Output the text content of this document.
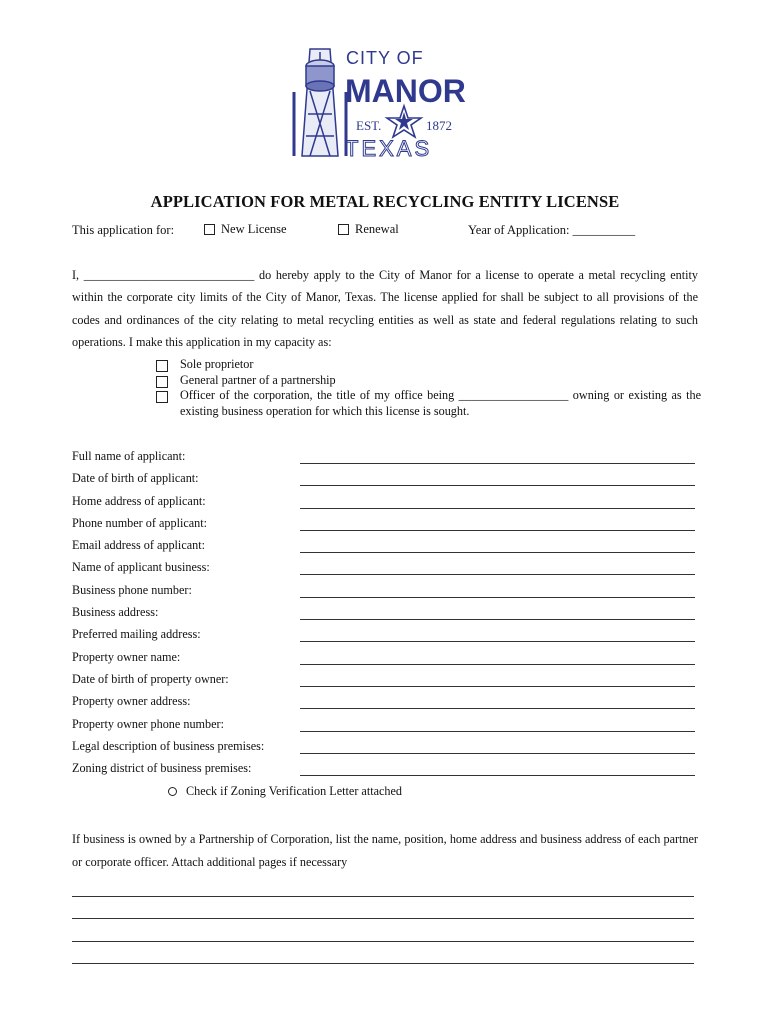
CITY OF
MANOR
EST.	1872
TEXAS
APPLICATION FOR METAL RECYCLING ENTITY LICENSE
This application for:	New License	Renewal	Year of Application: __________
I, ____________________________ do hereby apply to the City of Manor for a license to operate a metal recycling entity within the corporate city limits of the City of Manor, Texas. The license applied for shall be subject to all provisions of the codes and ordinances of the city relating to metal recycling entities as well as state and federal regulations relating to such operations. I make this application in my capacity as:
Sole proprietor
General partner of a partnership
Officer of the corporation, the title of my office being __________________ owning or existing as the existing business operation for which this license is sought.
Full name of applicant:
Date of birth of applicant:
Home address of applicant:
Phone number of applicant:
Email address of applicant:
Name of applicant business:
Business phone number:
Business address:
Preferred mailing address:
Property owner name:
Date of birth of property owner:
Property owner address:
Property owner phone number:
Legal description of business premises:
Zoning district of business premises:
Check if Zoning Verification Letter attached
If business is owned by a Partnership of Corporation, list the name, position, home address and business address of each partner or corporate officer. Attach additional pages if necessary
